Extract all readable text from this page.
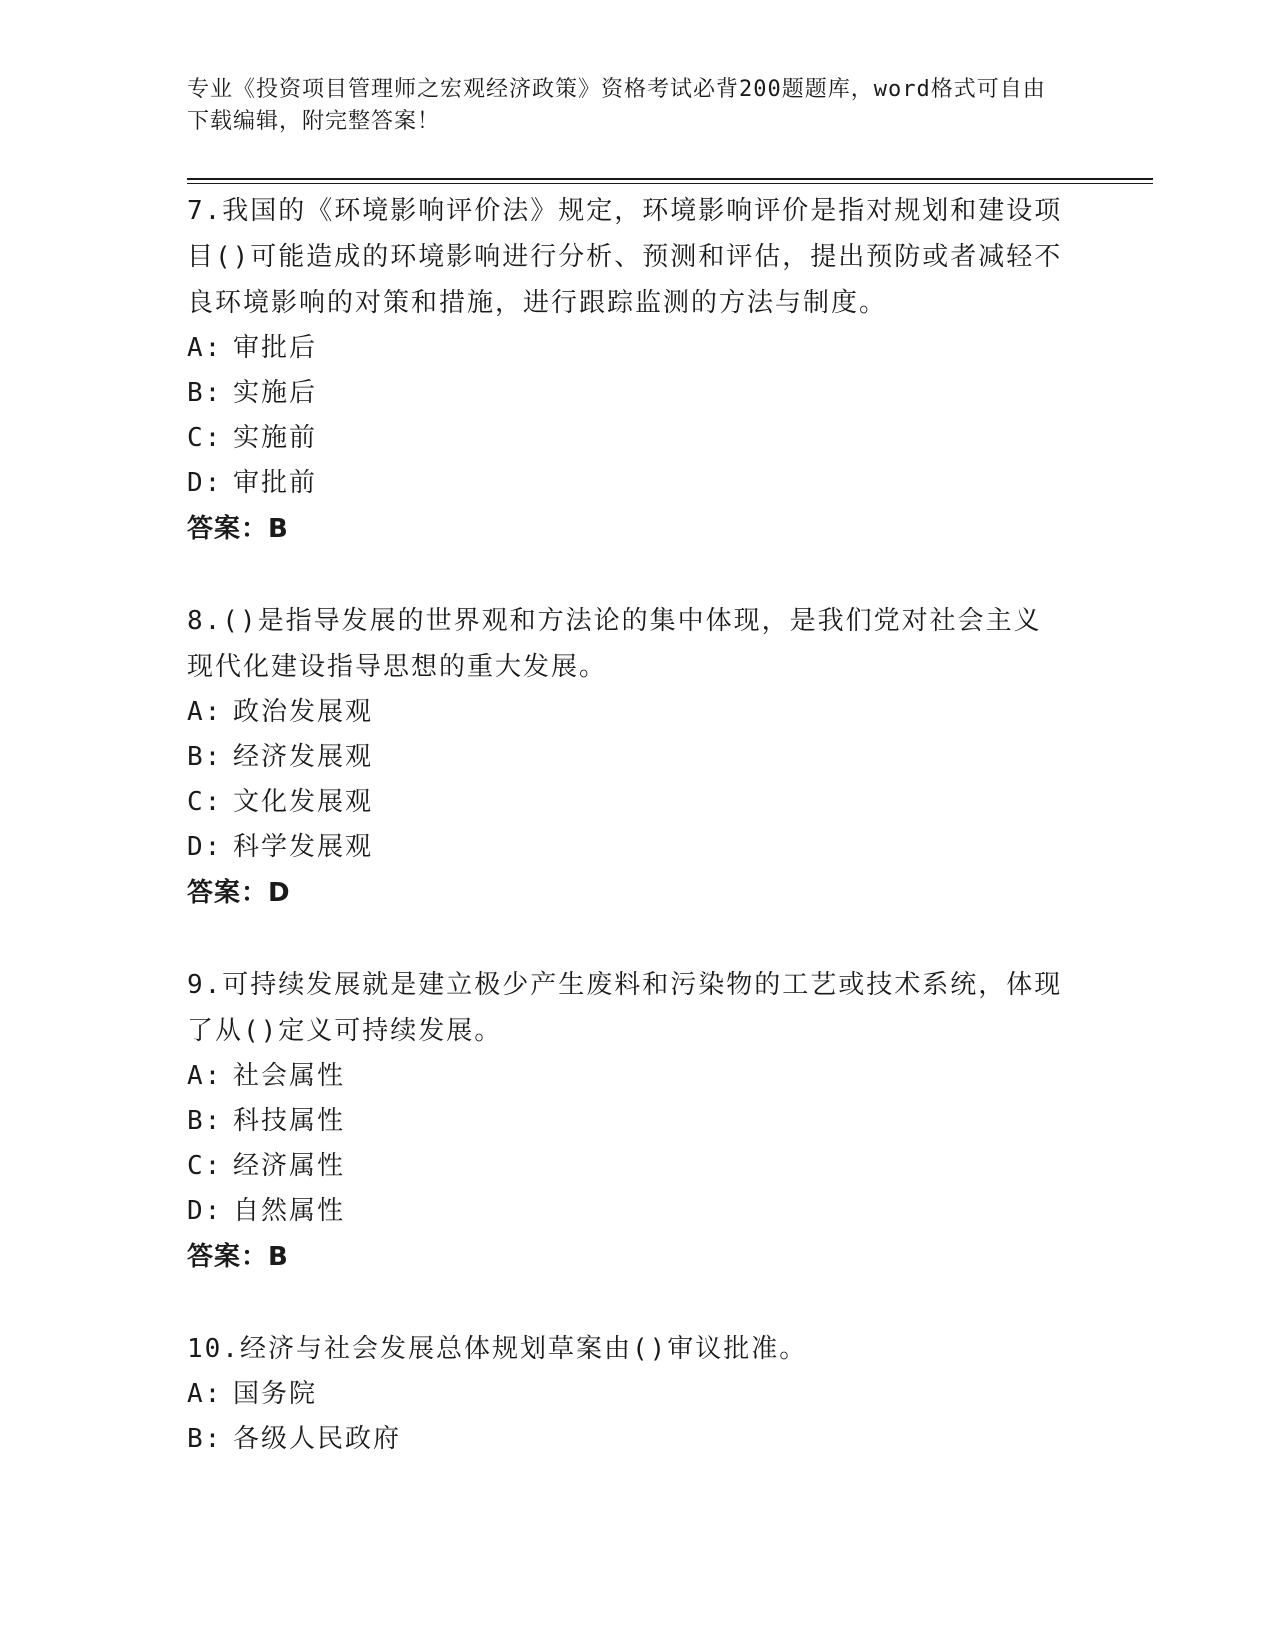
专业《投资项目管理师之宏观经济政策》资格考试必背200题题库，word格式可自由下载编辑，附完整答案！

7.我国的《环境影响评价法》规定，环境影响评价是指对规划和建设项目()可能造成的环境影响进行分析、预测和评估，提出预防或者减轻不良环境影响的对策和措施，进行跟踪监测的方法与制度。

A: 审批后

B: 实施后

C: 实施前

D: 审批前

答案：B

8.()是指导发展的世界观和方法论的集中体现，是我们党对社会主义现代化建设指导思想的重大发展。

A: 政治发展观

B: 经济发展观

C: 文化发展观

D: 科学发展观

答案：D

9.可持续发展就是建立极少产生废料和污染物的工艺或技术系统，体现了从()定义可持续发展。

A: 社会属性

B: 科技属性

C: 经济属性

D: 自然属性

答案：B

10.经济与社会发展总体规划草案由()审议批准。

A: 国务院

B: 各级人民政府
